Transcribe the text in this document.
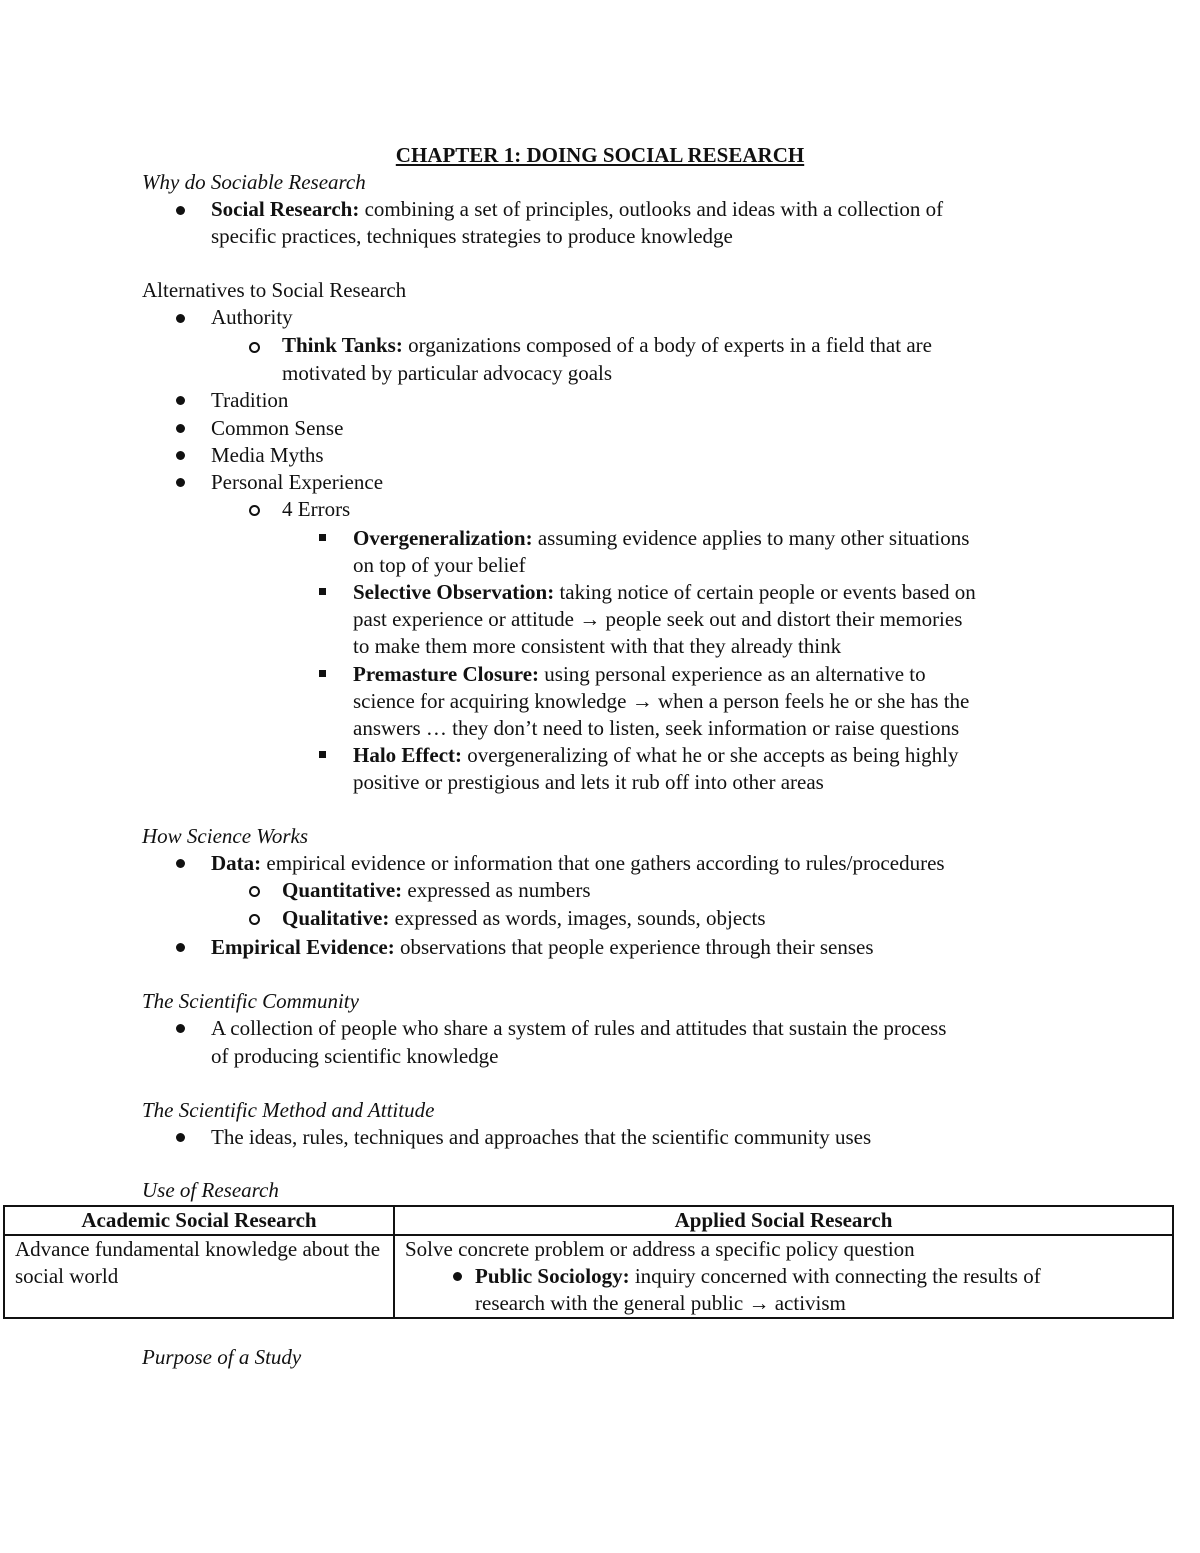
CHAPTER 1: DOING SOCIAL RESEARCH
Why do Sociable Research
Social Research: combining a set of principles, outlooks and ideas with a collection of
specific practices, techniques strategies to produce knowledge
Alternatives to Social Research
Authority
Think Tanks: organizations composed of a body of experts in a field that are
motivated by particular advocacy goals
Tradition
Common Sense
Media Myths
Personal Experience
4 Errors
Overgeneralization: assuming evidence applies to many other situations
on top of your belief
Selective Observation: taking notice of certain people or events based on
past experience or attitude → people seek out and distort their memories
to make them more consistent with that they already think
Premasture Closure: using personal experience as an alternative to
science for acquiring knowledge → when a person feels he or she has the
answers … they don’t need to listen, seek information or raise questions
Halo Effect: overgeneralizing of what he or she accepts as being highly
positive or prestigious and lets it rub off into other areas
How Science Works
Data: empirical evidence or information that one gathers according to rules/procedures
Quantitative: expressed as numbers
Qualitative: expressed as words, images, sounds, objects
Empirical Evidence: observations that people experience through their senses
The Scientific Community
A collection of people who share a system of rules and attitudes that sustain the process
of producing scientific knowledge
The Scientific Method and Attitude
The ideas, rules, techniques and approaches that the scientific community uses
Use of Research
Academic Social Research	Applied Social Research
Advance fundamental knowledge about the social world	Solve concrete problem or address a specific policy question
Public Sociology: inquiry concerned with connecting the results of
research with the general public → activism
Purpose of a Study
